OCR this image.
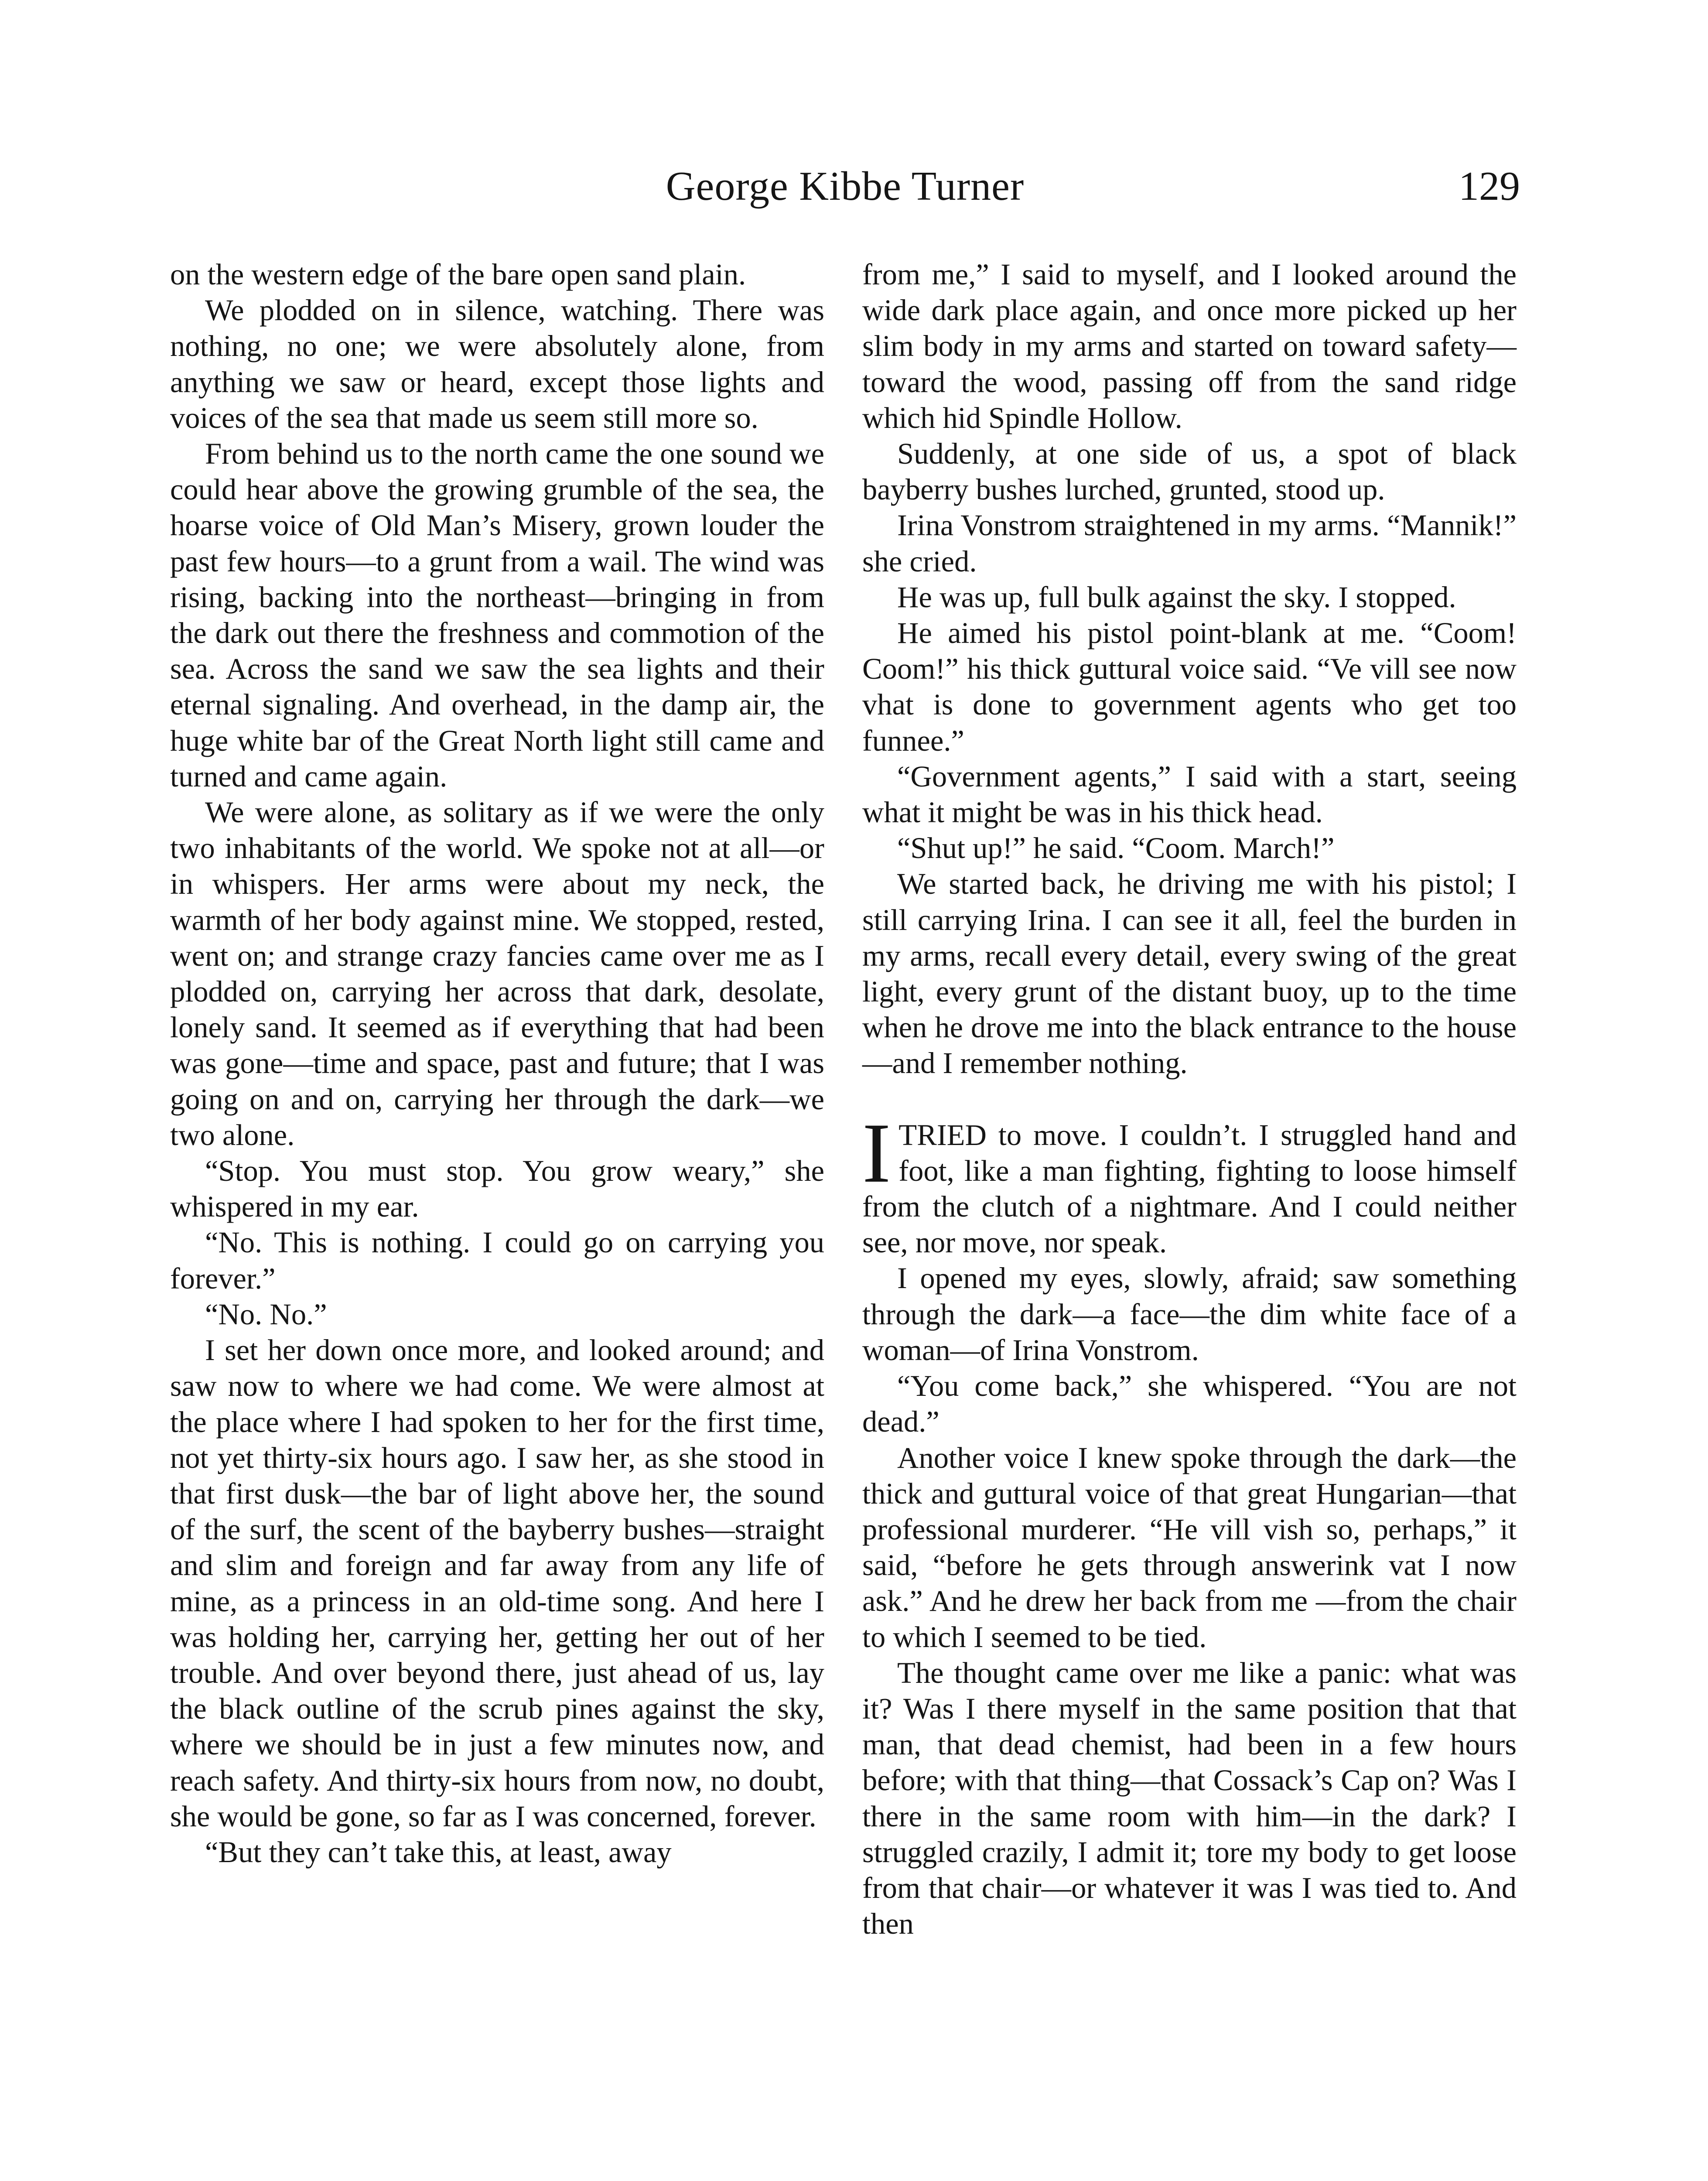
George Kibbe Turner	129

on the western edge of the bare open sand plain.

We plodded on in silence, watching. There was nothing, no one; we were absolutely alone, from anything we saw or heard, except those lights and voices of the sea that made us seem still more so.

From behind us to the north came the one sound we could hear above the growing grumble of the sea, the hoarse voice of Old Man’s Misery, grown louder the past few hours—to a grunt from a wail. The wind was rising, backing into the northeast—bringing in from the dark out there the freshness and commotion of the sea. Across the sand we saw the sea lights and their eternal signaling. And overhead, in the damp air, the huge white bar of the Great North light still came and turned and came again.

We were alone, as solitary as if we were the only two inhabitants of the world. We spoke not at all—or in whispers. Her arms were about my neck, the warmth of her body against mine. We stopped, rested, went on; and strange crazy fancies came over me as I plodded on, carrying her across that dark, desolate, lonely sand. It seemed as if everything that had been was gone—time and space, past and future; that I was going on and on, carrying her through the dark—we two alone.

“Stop. You must stop. You grow weary,” she whispered in my ear.

“No. This is nothing. I could go on carrying you forever.”

“No. No.”

I set her down once more, and looked around; and saw now to where we had come. We were almost at the place where I had spoken to her for the first time, not yet thirty-six hours ago. I saw her, as she stood in that first dusk—the bar of light above her, the sound of the surf, the scent of the bayberry bushes—straight and slim and foreign and far away from any life of mine, as a princess in an old-time song. And here I was holding her, carrying her, getting her out of her trouble. And over beyond there, just ahead of us, lay the black outline of the scrub pines against the sky, where we should be in just a few minutes now, and reach safety. And thirty-six hours from now, no doubt, she would be gone, so far as I was concerned, forever.

“But they can’t take this, at least, away

from me,” I said to myself, and I looked around the wide dark place again, and once more picked up her slim body in my arms and started on toward safety—toward the wood, passing off from the sand ridge which hid Spindle Hollow.

Suddenly, at one side of us, a spot of black bayberry bushes lurched, grunted, stood up.

Irina Vonstrom straightened in my arms. “Mannik!” she cried.

He was up, full bulk against the sky. I stopped.

He aimed his pistol point-blank at me. “Coom! Coom!” his thick guttural voice said. “Ve vill see now vhat is done to government agents who get too funnee.”

“Government agents,” I said with a start, seeing what it might be was in his thick head.

“Shut up!” he said. “Coom. March!”

We started back, he driving me with his pistol; I still carrying Irina. I can see it all, feel the burden in my arms, recall every detail, every swing of the great light, every grunt of the distant buoy, up to the time when he drove me into the black entrance to the house—and I remember nothing.

ITRIED to move. I couldn’t. I struggled hand and foot, like a man fighting, fighting to loose himself from the clutch of a nightmare. And I could neither see, nor move, nor speak.

I opened my eyes, slowly, afraid; saw something through the dark—a face—the dim white face of a woman—of Irina Vonstrom.

“You come back,” she whispered. “You are not dead.”

Another voice I knew spoke through the dark—the thick and guttural voice of that great Hungarian—that professional murderer. “He vill vish so, perhaps,” it said, “before he gets through answerink vat I now ask.” And he drew her back from me —from the chair to which I seemed to be tied.

The thought came over me like a panic: what was it? Was I there myself in the same position that that man, that dead chemist, had been in a few hours before; with that thing—that Cossack’s Cap on? Was I there in the same room with him—in the dark? I struggled crazily, I admit it; tore my body to get loose from that chair—or whatever it was I was tied to. And then
